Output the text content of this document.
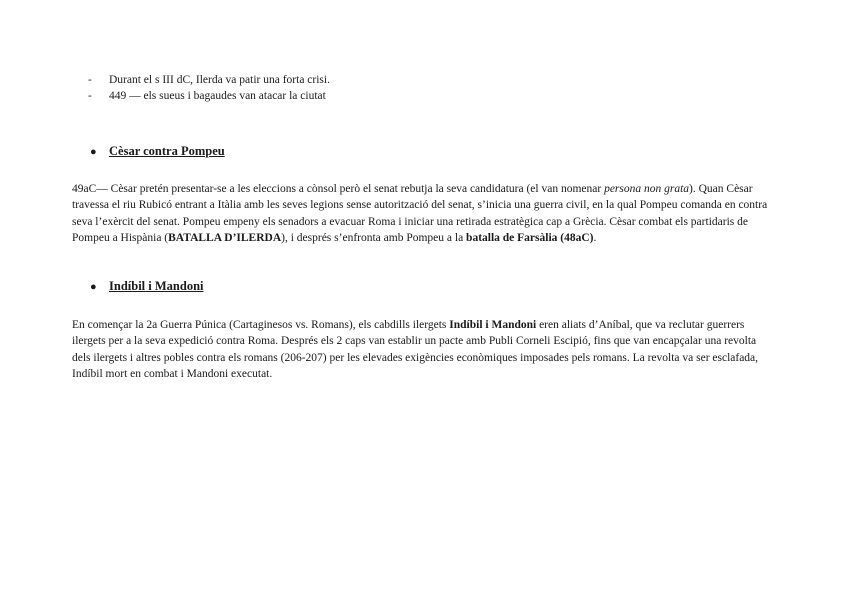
- Durant el s III dC, Ilerda va patir una forta crisi.
- 449 — els sueus i bagaudes van atacar la ciutat
● Cèsar contra Pompeu

49aC— Cèsar pretén presentar-se a les eleccions a cònsol però el senat rebutja la seva candidatura (el van nomenar persona non grata). Quan Cèsar travessa el riu Rubicó entrant a Itàlia amb les seves legions sense autorització del senat, s’inicia una guerra civil, en la qual Pompeu comanda en contra seva l’exèrcit del senat. Pompeu empeny els senadors a evacuar Roma i iniciar una retirada estratègica cap a Grècia. Cèsar combat els partidaris de Pompeu a Hispània (BATALLA D’ILERDA), i després s’enfronta amb Pompeu a la batalla de Farsàlia (48aC).

● Indíbil i Mandoni

En començar la 2a Guerra Púnica (Cartaginesos vs. Romans), els cabdills ilergets Indíbil i Mandoni eren aliats d’Aníbal, que va reclutar guerrers ilergets per a la seva expedició contra Roma. Després els 2 caps van establir un pacte amb Publi Corneli Escipió, fins que van encapçalar una revolta dels ilergets i altres pobles contra els romans (206-207) per les elevades exigències econòmiques imposades pels romans. La revolta va ser esclafada, Indíbil mort en combat i Mandoni executat.
